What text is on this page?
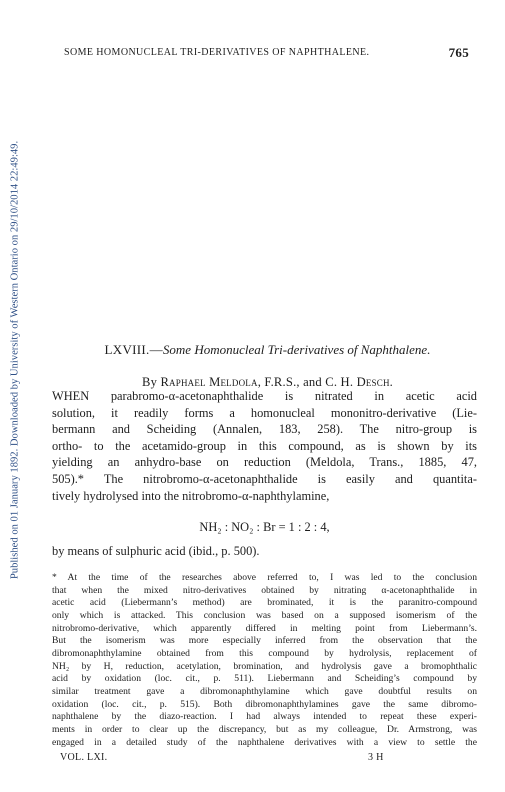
Published on 01 January 1892. Downloaded by University of Western Ontario on 29/10/2014 22:49:49.
SOME HOMONUCLEAL TRI-DERIVATIVES OF NAPHTHALENE.	765
LXVIII.—Some Homonucleal Tri-derivatives of Naphthalene.
By Raphael Meldola, F.R.S., and C. H. Desch.
WHEN parabromo-α-acetonaphthalide is nitrated in acetic acid
solution, it readily forms a homonucleal mononitro-derivative (Lie-
bermann and Scheiding (Annalen, 183, 258). The nitro-group is
ortho- to the acetamido-group in this compound, as is shown by its
yielding an anhydro-base on reduction (Meldola, Trans., 1885, 47,
505).* The nitrobromo-α-acetonaphthalide is easily and quantita-
tively hydrolysed into the nitrobromo-α-naphthylamine,
NH₂ : NO₂ : Br = 1 : 2 : 4,
by means of sulphuric acid (ibid., p. 500).
* At the time of the researches above referred to, I was led to the conclusion
that when the mixed nitro-derivatives obtained by nitrating α-acetonaphthalide in
acetic acid (Liebermann’s method) are brominated, it is the paranitro-compound
only which is attacked. This conclusion was based on a supposed isomerism of the
nitrobromo-derivative, which apparently differed in melting point from Liebermann’s.
But the isomerism was more especially inferred from the observation that the
dibromonaphthylamine obtained from this compound by hydrolysis, replacement of
NH₂ by H, reduction, acetylation, bromination, and hydrolysis gave a bromophthalic
acid by oxidation (loc. cit., p. 511). Liebermann and Scheiding’s compound by
similar treatment gave a dibromonaphthylamine which gave doubtful results on
oxidation (loc. cit., p. 515). Both dibromonaphthylamines gave the same dibromo-
naphthalene by the diazo-reaction. I had always intended to repeat these experi-
ments in order to clear up the discrepancy, but as my colleague, Dr. Armstrong, was
engaged in a detailed study of the naphthalene derivatives with a view to settle the
VOL. LXI.	3 H
